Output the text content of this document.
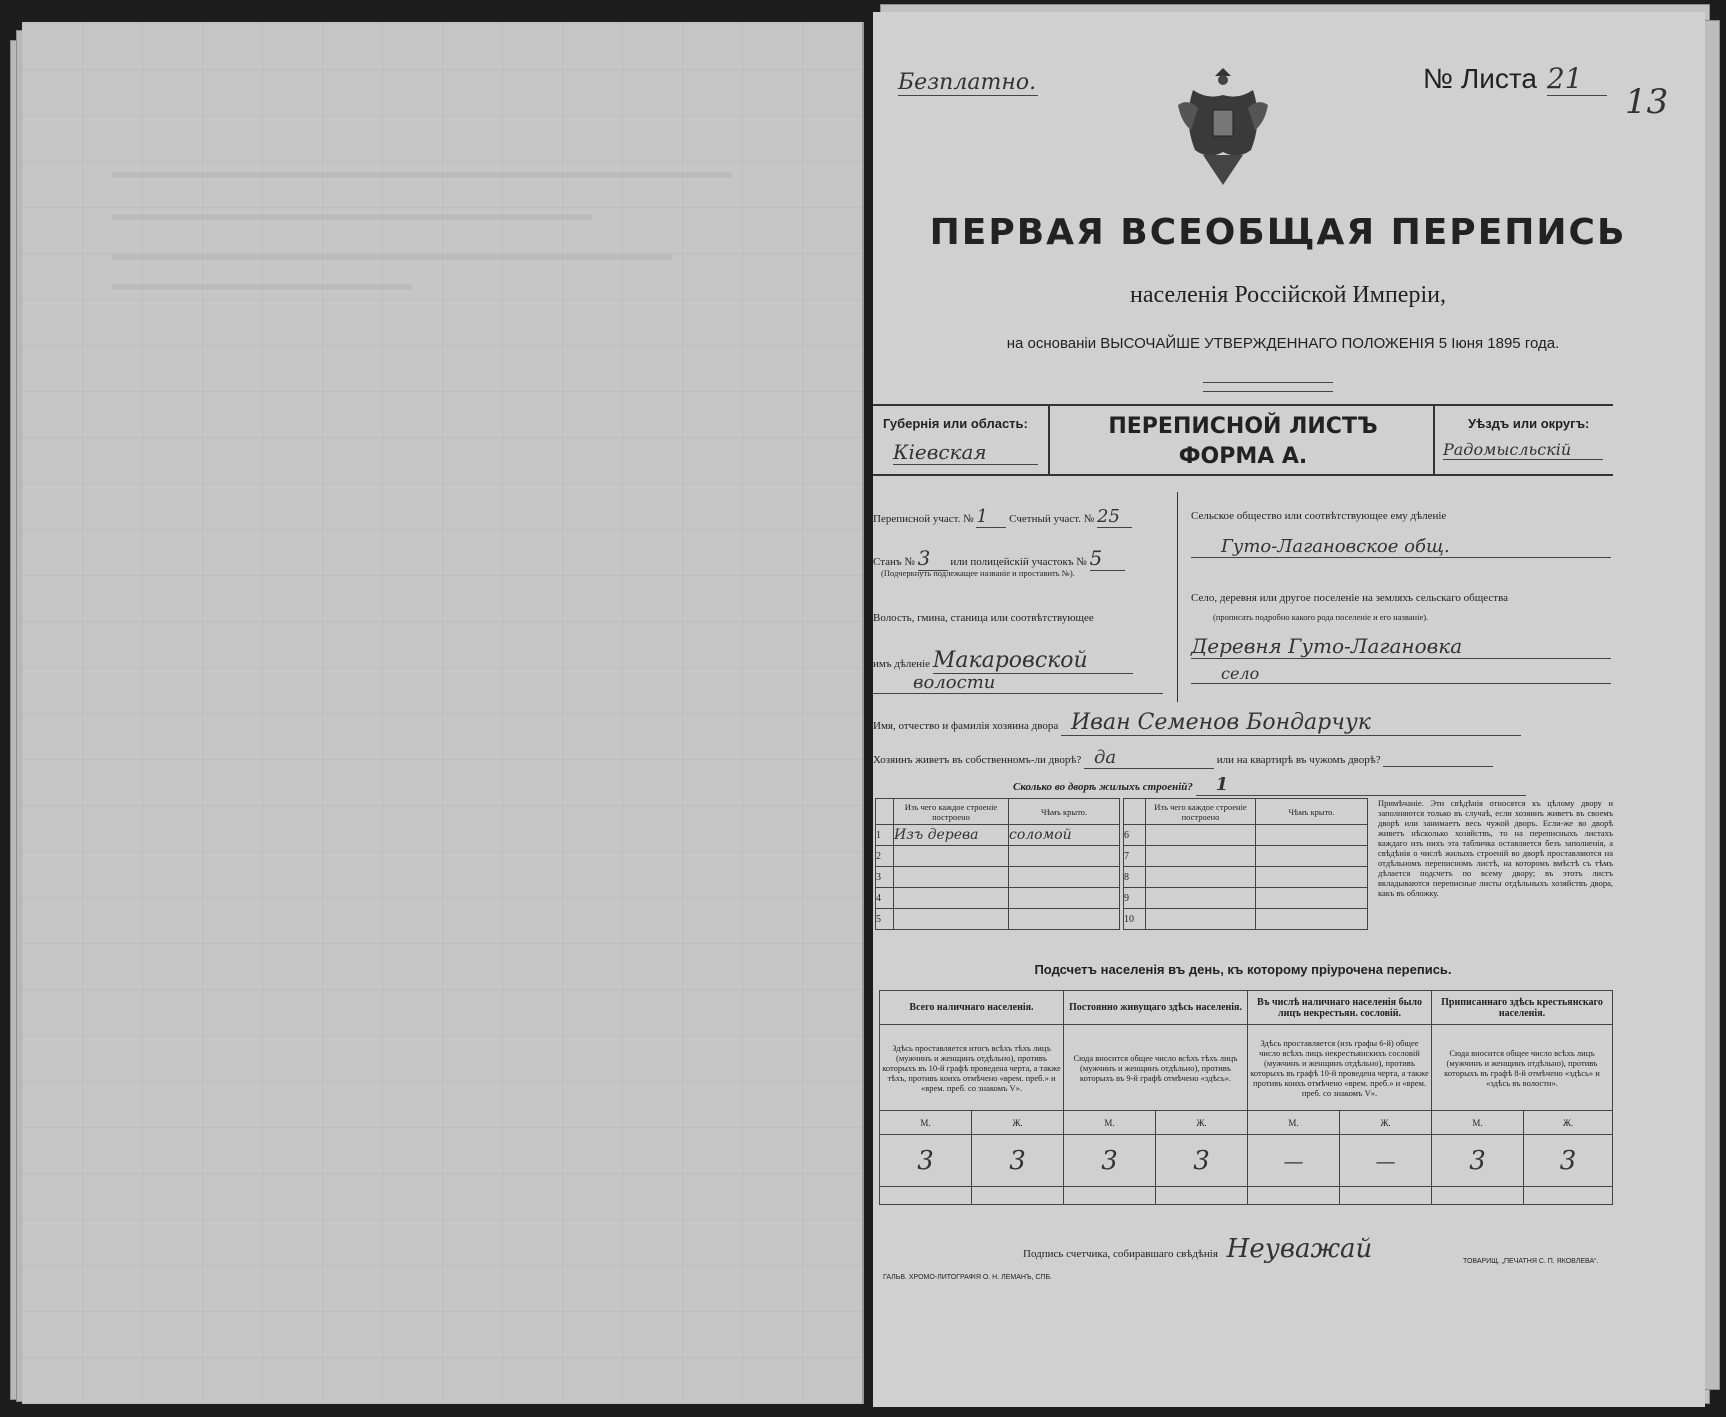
Безплатно.	№ Листа 21
13
ПЕРВАЯ ВСЕОБЩАЯ ПЕРЕПИСЬ
населенія Россійской Имперіи,
на основаніи ВЫСОЧАЙШЕ УТВЕРЖДЕННАГО ПОЛОЖЕНІЯ 5 Іюня 1895 года.
Губернія или область:
Кіевская
ПЕРЕПИСНОЙ ЛИСТЪ
ФОРМА А.
Уѣздъ или округъ:
Радомысльскій
Переписной участ. № 1 Счетный участ. № 25
Станъ № 3 или полицейскій участокъ № 5
(Подчеркнуть подлежащее названіе и проставить №).
Волость, гмина, станица или соотвѣтствующее
имъ дѣленіе Макаровской
волости
Сельское общество или соотвѣтствующее ему дѣленіе
Гуто-Лагановское общ.
Село, деревня или другое поселеніе на земляхъ сельскаго общества
(прописать подробно какого рода поселеніе и его названіе).
Деревня Гуто-Лагановка
село
Имя, отчество и фамилія хозяина двора Иван Семенов Бондарчук
Хозяинъ живетъ въ собственномъ-ли дворѣ? да	или на квартирѣ въ чужомъ дворѣ?
Сколько во дворѣ жилыхъ строеній? 1
	Изъ чего каждое строеніе построено	Чѣмъ крыто.
1	Изъ дерева	соломой
2		
3		
4		
5		
	Изъ чего каждое строеніе построено	Чѣмъ крыто.
6		
7		
8		
9		
10		
Примѣчаніе. Эти свѣдѣнія относятся къ цѣлому двору и заполняются только въ случаѣ, если хозяинъ живетъ въ своемъ дворѣ или занимаетъ весь чужой дворъ. Если-же во дворѣ живетъ нѣсколько хозяйствъ, то на переписныхъ листахъ каждаго изъ нихъ эта табличка оставляется безъ заполненія, а свѣдѣнія о числѣ жилыхъ строеній во дворѣ проставляются на отдѣльномъ переписномъ листѣ, на которомъ вмѣстѣ съ тѣмъ дѣлается подсчетъ по всему двору; въ этотъ листъ вкладываются переписные листы отдѣльныхъ хозяйствъ двора, какъ въ обложку.
Подсчетъ населенія въ день, къ которому пріурочена перепись.
Всего наличнаго населенія.		Постоянно живущаго здѣсь населенія.		Въ числѣ наличнаго населенія было лицъ некрестьян. сословій.		Приписаннаго здѣсь крестьянскаго населенія.	
Здѣсь проставляется итогъ всѣхъ тѣхъ лицъ (мужчинъ и женщинъ отдѣльно), противъ которыхъ въ 10-й графѣ проведена черта, а также тѣхъ, противъ коихъ отмѣчено «врем. преб.» и «врем. преб. со знакомъ V».		Сюда вносится общее число всѣхъ тѣхъ лицъ (мужчинъ и женщинъ отдѣльно), противъ которыхъ въ 9-й графѣ отмѣчено «здѣсь».		Здѣсь проставляется (изъ графы 6-й) общее число всѣхъ лицъ некрестьянскихъ сословій (мужчинъ и женщинъ отдѣльно), противъ которыхъ въ графѣ 10-й проведена черта, а также противъ коихъ отмѣчено «врем. преб.» и «врем. преб. со знакомъ V».		Сюда вносится общее число всѣхъ лицъ (мужчинъ и женщинъ отдѣльно), противъ которыхъ въ графѣ 8-й отмѣчено «здѣсь» и «здѣсь въ волости».	
М.	Ж.	М.	Ж.	М.	Ж.	М.	Ж.
3	3	3	3	—	—	3	3

Подпись счетчика, собиравшаго свѣдѣнія Неуважай
ГАЛЬВ. ХРОМО-ЛИТОГРАФІЯ О. Н. ЛЕМАНЪ, СПБ.
ТОВАРИЩ. „ПЕЧАТНЯ С. П. ЯКОВЛЕВА“.
